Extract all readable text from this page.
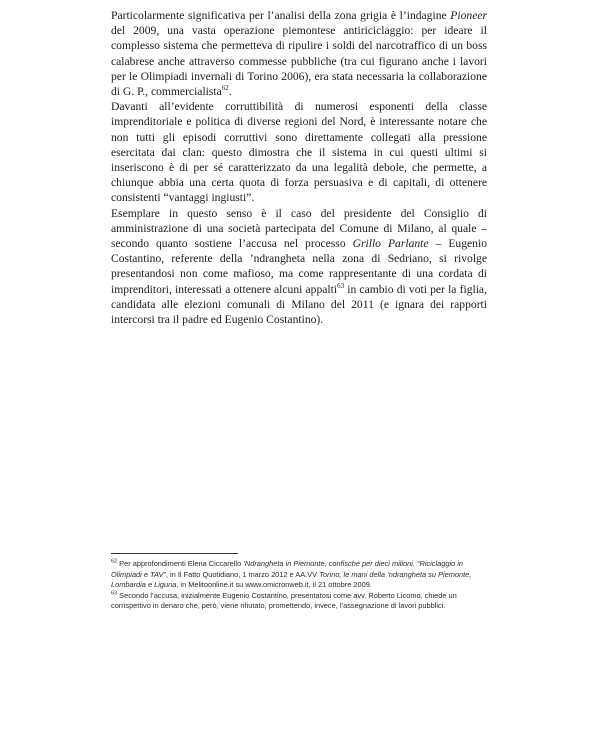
Particolarmente significativa per l’analisi della zona grigia è l’indagine Pioneer del 2009, una vasta operazione piemontese antiriciclaggio: per ideare il complesso sistema che permetteva di ripulire i soldi del narcotraffico di un boss calabrese anche attraverso commesse pubbliche (tra cui figurano anche i lavori per le Olimpiadi invernali di Torino 2006), era stata necessaria la collaborazione di G. P., commercialista$^{62}$.

Davanti all’evidente corruttibilità di numerosi esponenti della classe imprenditoriale e politica di diverse regioni del Nord, è interessante notare che non tutti gli episodi corruttivi sono direttamente collegati alla pressione esercitata dai clan: questo dimostra che il sistema in cui questi ultimi si inseriscono è di per sé caratterizzato da una legalità debole, che permette, a chiunque abbia una certa quota di forza persuasiva e di capitali, di ottenere consistenti “vantaggi ingiusti”.

Esemplare in questo senso è il caso del presidente del Consiglio di amministrazione di una società partecipata del Comune di Milano, al quale – secondo quanto sostiene l’accusa nel processo Grillo Parlante – Eugenio Costantino, referente della ’ndrangheta nella zona di Sedriano, si rivolge presentandosi non come mafioso, ma come rappresentante di una cordata di imprenditori, interessati a ottenere alcuni appalti$^{63}$ in cambio di voti per la figlia, candidata alle elezioni comunali di Milano del 2011 (e ignara dei rapporti intercorsi tra il padre ed Eugenio Costantino).

$^{62}$ Per approfondimenti Elena Ciccarello ’Ndrangheta in Piemonte, confische per dieci milioni. “Riciclaggio in Olimpiadi e TAV”, in Il Fatto Quotidiano, 1 marzo 2012 e AA.VV Torino, le mani della ’ndrangheta su Piemonte, Lombardia e Liguria, in Melitoonline.it su www.omicronweb.it, il 21 ottobre 2009.

$^{63}$ Secondo l’accusa, inizialmente Eugenio Costantino, presentatosi come avv. Roberto Licomo, chiede un corrispettivo in denaro che, però, viene rifiutato, promettendo, invece, l’assegnazione di lavori pubblici.
